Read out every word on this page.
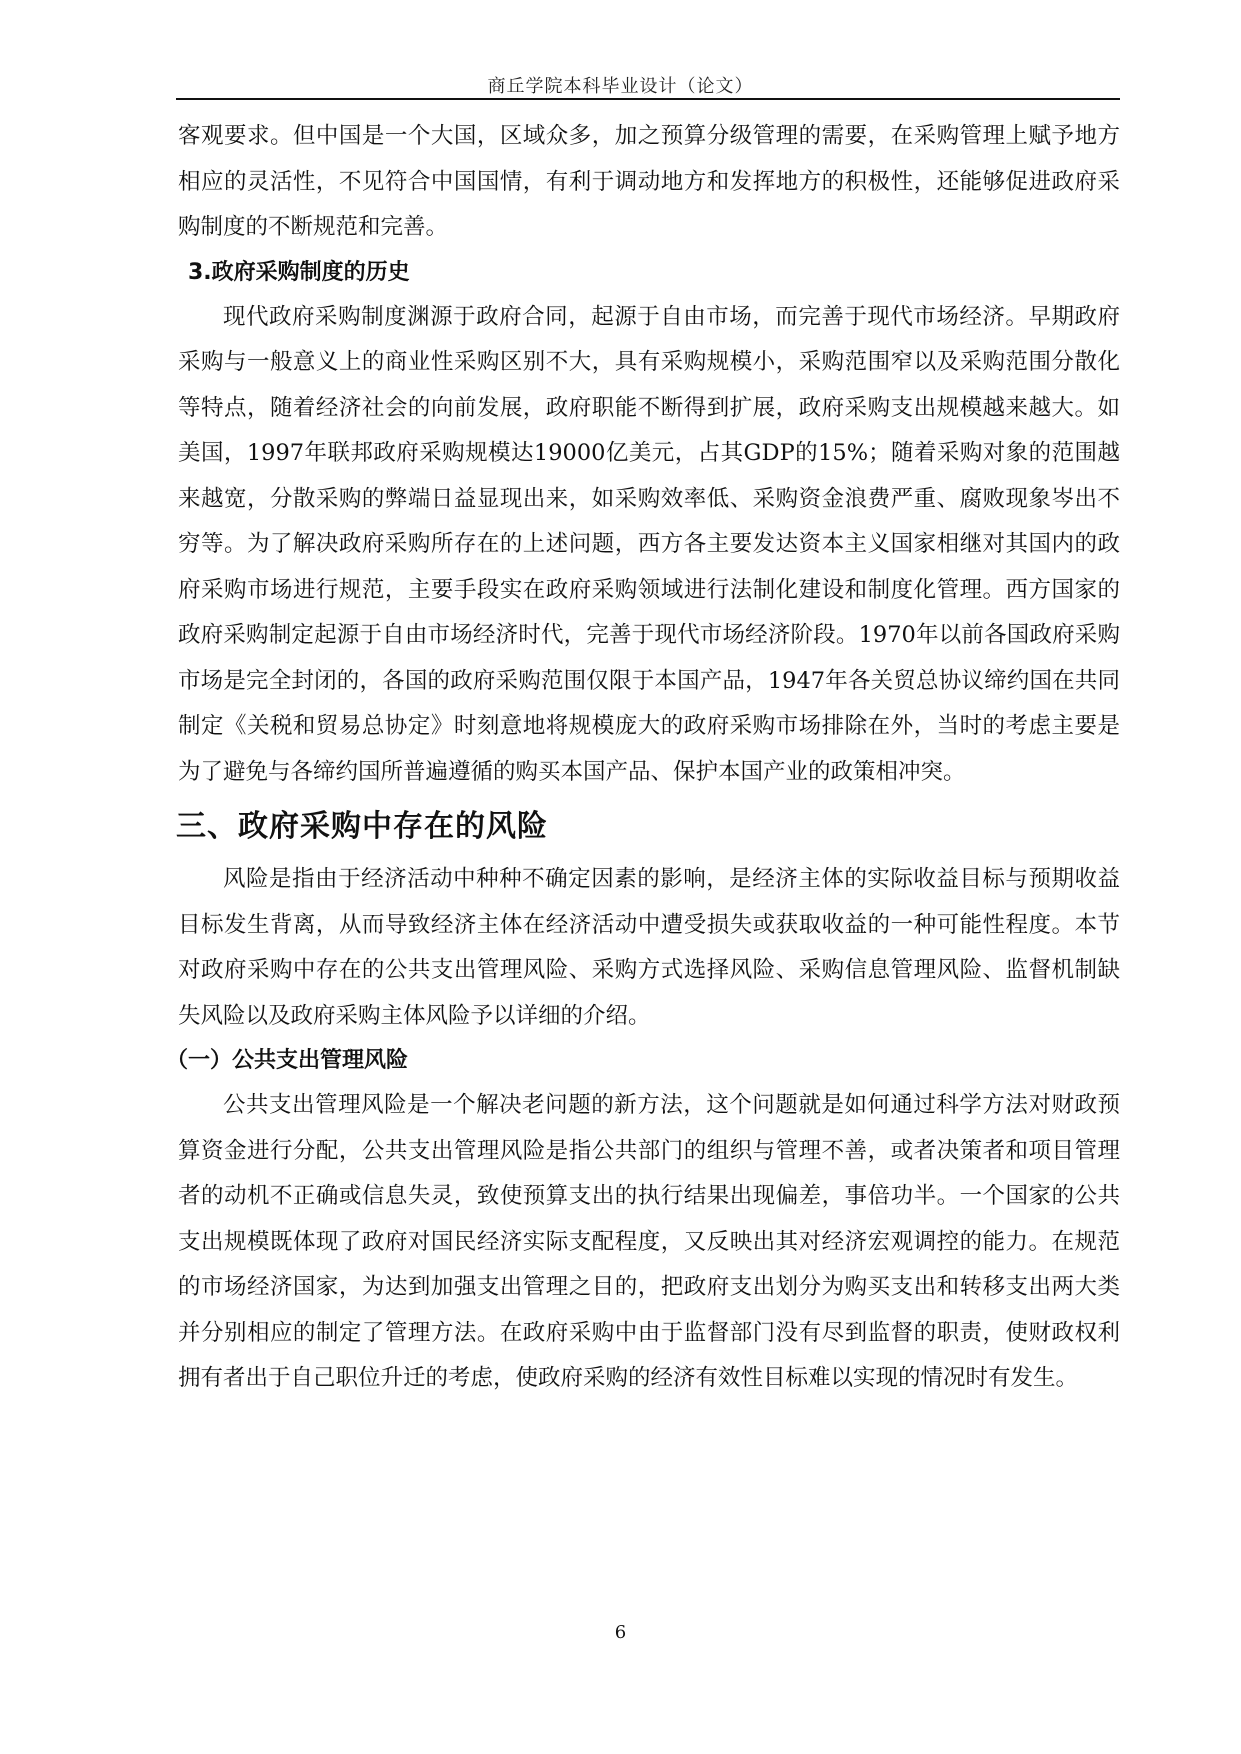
商丘学院本科毕业设计（论文）

客观要求。但中国是一个大国，区域众多，加之预算分级管理的需要，在采购管理上赋予地方相应的灵活性，不见符合中国国情，有利于调动地方和发挥地方的积极性，还能够促进政府采购制度的不断规范和完善。

3.政府采购制度的历史

现代政府采购制度渊源于政府合同，起源于自由市场，而完善于现代市场经济。早期政府采购与一般意义上的商业性采购区别不大，具有采购规模小，采购范围窄以及采购范围分散化等特点，随着经济社会的向前发展，政府职能不断得到扩展，政府采购支出规模越来越大。如美国，1997年联邦政府采购规模达19000亿美元，占其GDP的15%；随着采购对象的范围越来越宽，分散采购的弊端日益显现出来，如采购效率低、采购资金浪费严重、腐败现象岑出不穷等。为了解决政府采购所存在的上述问题，西方各主要发达资本主义国家相继对其国内的政府采购市场进行规范，主要手段实在政府采购领域进行法制化建设和制度化管理。西方国家的政府采购制定起源于自由市场经济时代，完善于现代市场经济阶段。1970年以前各国政府采购市场是完全封闭的，各国的政府采购范围仅限于本国产品，1947年各关贸总协议缔约国在共同制定《关税和贸易总协定》时刻意地将规模庞大的政府采购市场排除在外，当时的考虑主要是为了避免与各缔约国所普遍遵循的购买本国产品、保护本国产业的政策相冲突。

三、政府采购中存在的风险

风险是指由于经济活动中种种不确定因素的影响，是经济主体的实际收益目标与预期收益目标发生背离，从而导致经济主体在经济活动中遭受损失或获取收益的一种可能性程度。本节对政府采购中存在的公共支出管理风险、采购方式选择风险、采购信息管理风险、监督机制缺失风险以及政府采购主体风险予以详细的介绍。

（一）公共支出管理风险

公共支出管理风险是一个解决老问题的新方法，这个问题就是如何通过科学方法对财政预算资金进行分配，公共支出管理风险是指公共部门的组织与管理不善，或者决策者和项目管理者的动机不正确或信息失灵，致使预算支出的执行结果出现偏差，事倍功半。一个国家的公共支出规模既体现了政府对国民经济实际支配程度，又反映出其对经济宏观调控的能力。在规范的市场经济国家，为达到加强支出管理之目的，把政府支出划分为购买支出和转移支出两大类并分别相应的制定了管理方法。在政府采购中由于监督部门没有尽到监督的职责，使财政权利拥有者出于自己职位升迁的考虑，使政府采购的经济有效性目标难以实现的情况时有发生。

6
